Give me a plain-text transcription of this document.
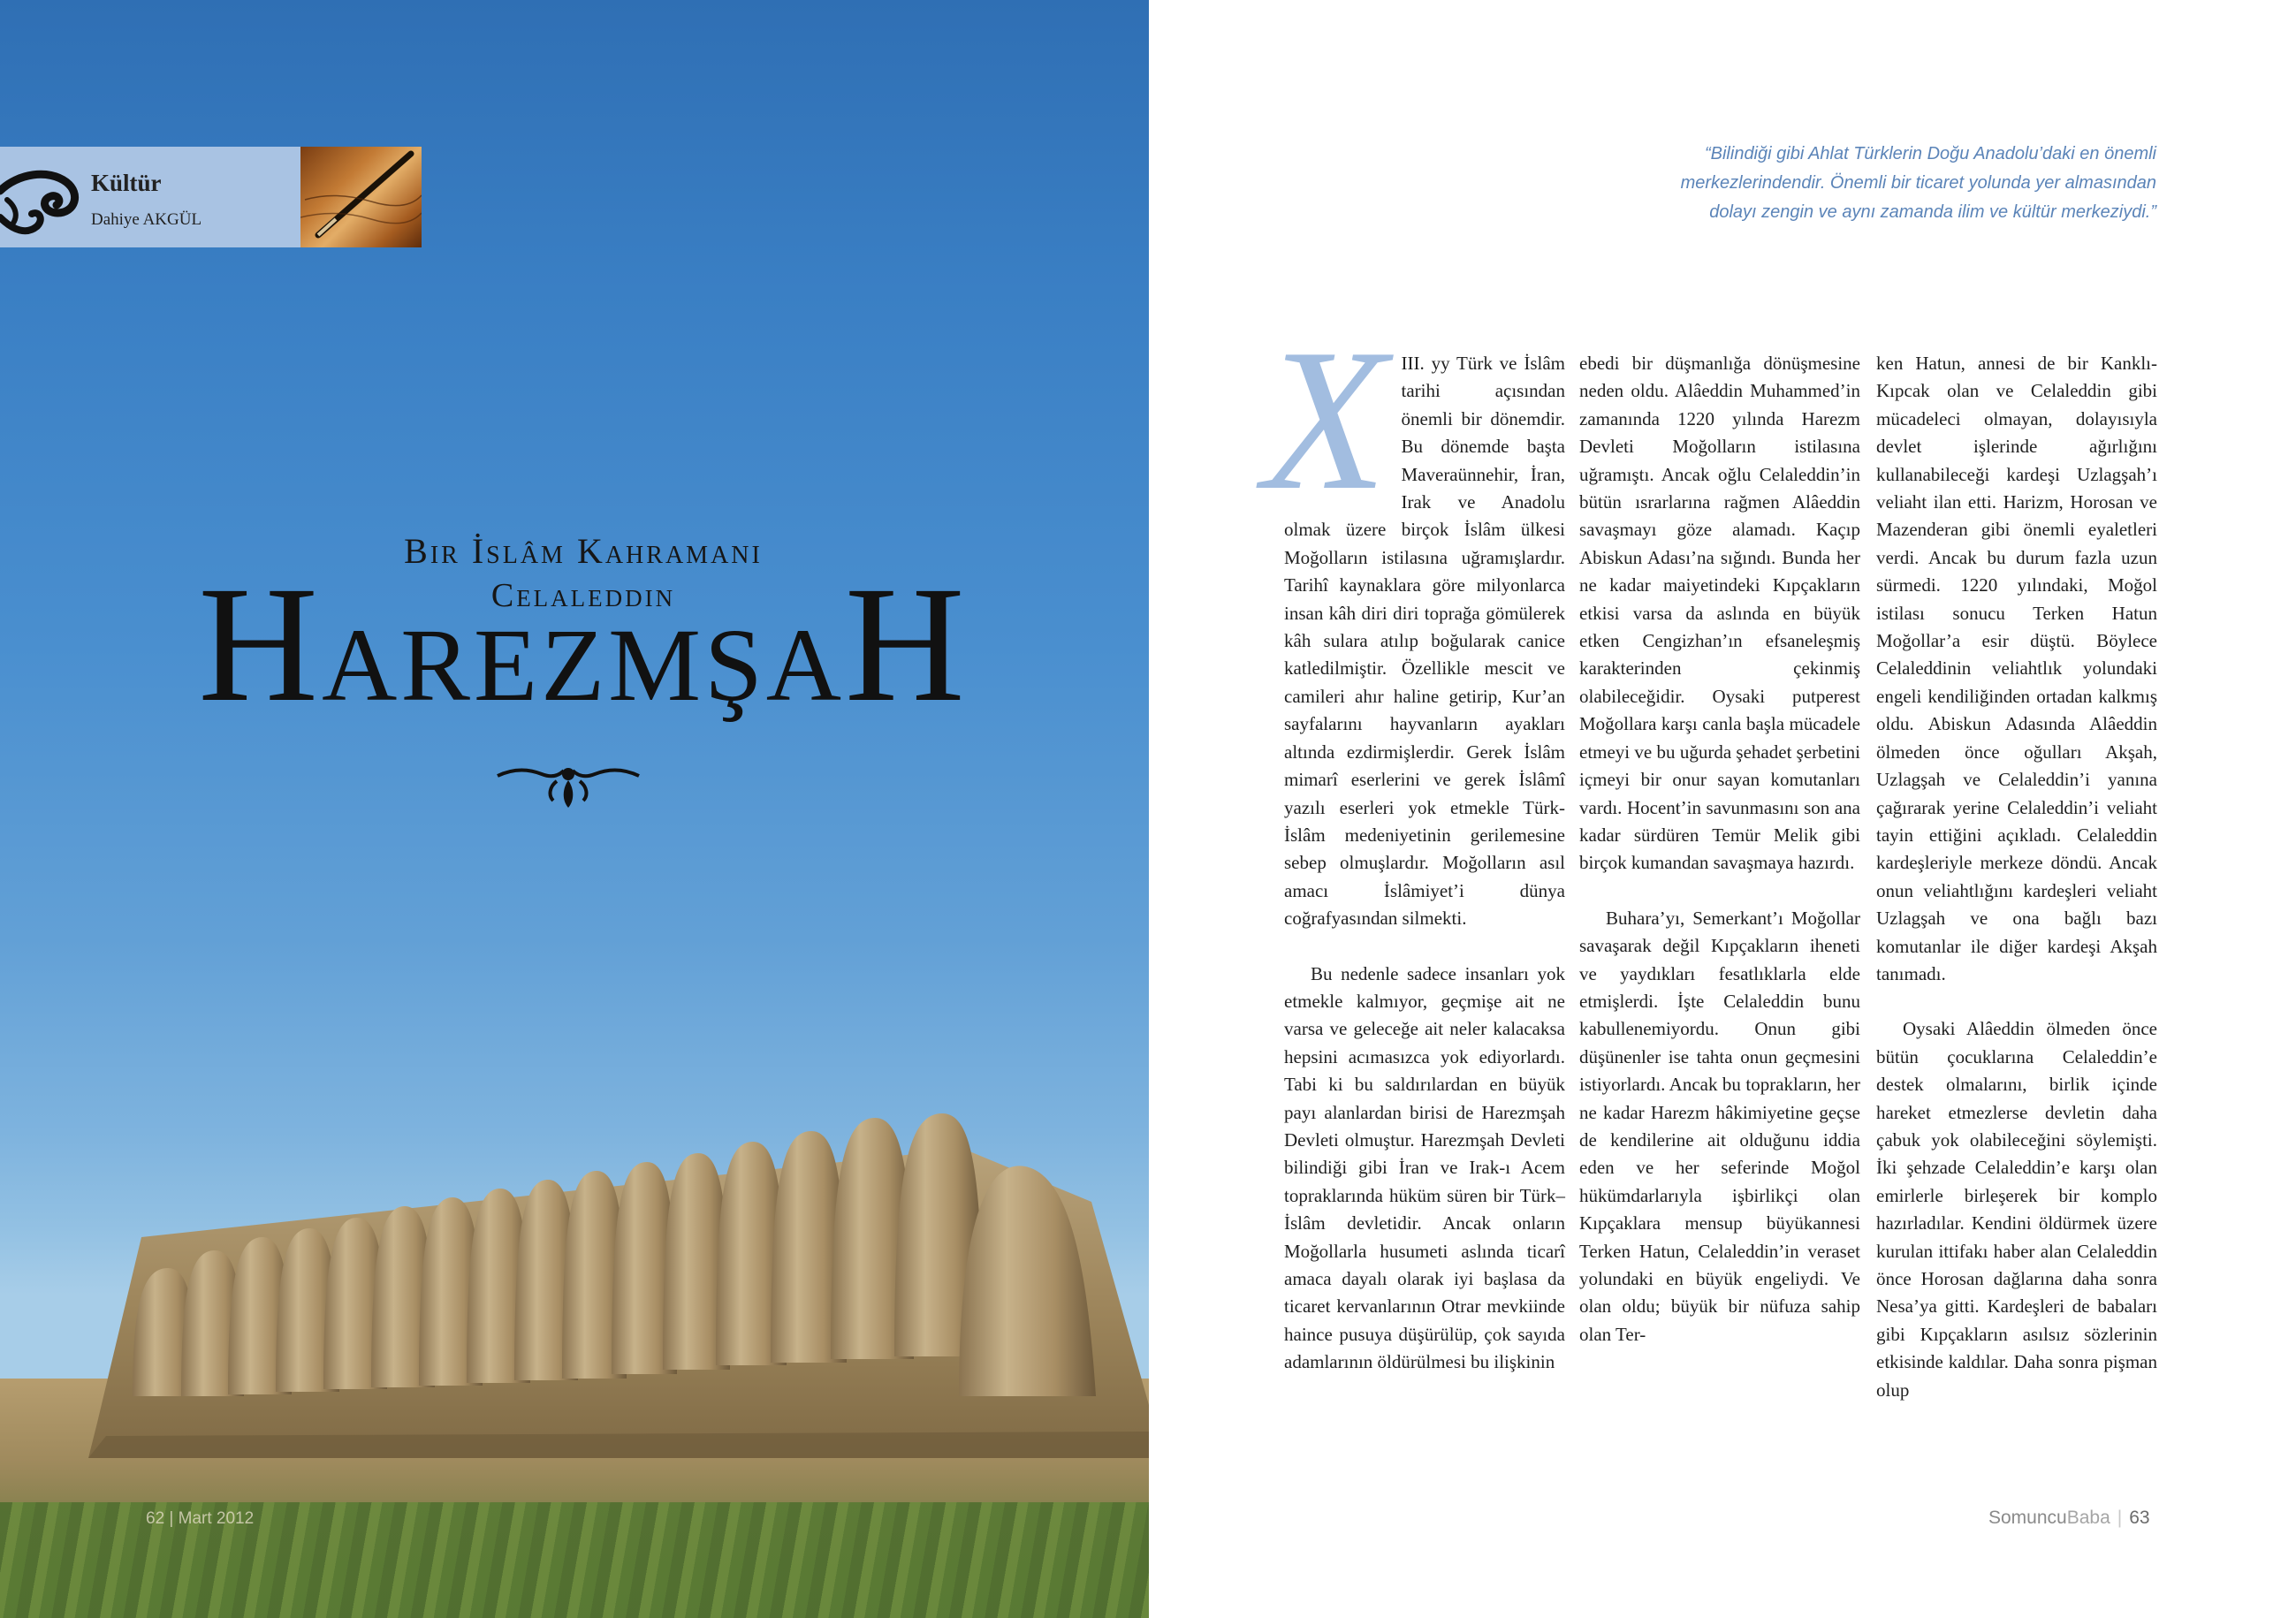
Kültür
Dahiye AKGÜL
Bir İslâm Kahramanı
Celaleddin
HAREZMŞAH
62 | Mart 2012
“Bilindiği gibi Ahlat Türklerin Doğu Anadolu’daki en önemli merkezlerindendir. Önemli bir ticaret yolunda yer almasından dolayı zengin ve aynı zamanda ilim ve kültür merkeziydi.”
X III. yy Türk ve İslâm tarihi açısından önemli bir dönemdir. Bu dönemde başta Maveraünnehir, İran, Irak ve Anadolu olmak üzere birçok İslâm ülkesi Moğolların istilasına uğramışlardır. Tarihî kaynaklara göre milyonlarca insan kâh diri diri toprağa gömülerek kâh sulara atılıp boğularak canice katledilmiştir. Özellikle mescit ve camileri ahır haline getirip, Kur’an sayfalarını hayvanların ayakları altında ezdirmişlerdir. Gerek İslâm mimarî eserlerini ve gerek İslâmî yazılı eserleri yok etmekle Türk-İslâm medeniyetinin gerilemesine sebep olmuşlardır. Moğolların asıl amacı İslâmiyet’i dünya coğrafyasından silmekti.

Bu nedenle sadece insanları yok etmekle kalmıyor, geçmişe ait ne varsa ve geleceğe ait neler kalacaksa hepsini acımasızca yok ediyorlardı. Tabi ki bu saldırılardan en büyük payı alanlardan birisi de Harezmşah Devleti olmuştur. Harezmşah Devleti bilindiği gibi İran ve Irak-ı Acem topraklarında hüküm süren bir Türk–İslâm devletidir. Ancak onların Moğollarla husumeti aslında ticarî amaca dayalı olarak iyi başlasa da ticaret kervanlarının Otrar mevkiinde haince pusuya düşürülüp, çok sayıda adamlarının öldürülmesi bu ilişkinin

ebedi bir düşmanlığa dönüşmesine neden oldu. Alâeddin Muhammed’in zamanında 1220 yılında Harezm Devleti Moğolların istilasına uğramıştı. Ancak oğlu Celaleddin’in bütün ısrarlarına rağmen Alâeddin savaşmayı göze alamadı. Kaçıp Abiskun Adası’na sığındı. Bunda her ne kadar maiyetindeki Kıpçakların etkisi varsa da aslında en büyük etken Cengizhan’ın efsaneleşmiş karakterinden çekinmiş olabileceğidir. Oysaki putperest Moğollara karşı canla başla mücadele etmeyi ve bu uğurda şehadet şerbetini içmeyi bir onur sayan komutanları vardı. Hocent’in savunmasını son ana kadar sürdüren Temür Melik gibi birçok kumandan savaşmaya hazırdı.

Buhara’yı, Semerkant’ı Moğollar savaşarak değil Kıpçakların iheneti ve yaydıkları fesatlıklarla elde etmişlerdi. İşte Celaleddin bunu kabullenemiyordu. Onun gibi düşünenler ise tahta onun geçmesini istiyorlardı. Ancak bu toprakların, her ne kadar Harezm hâkimiyetine geçse de kendilerine ait olduğunu iddia eden ve her seferinde Moğol hükümdarlarıyla işbirlikçi olan Kıpçaklara mensup büyükannesi Terken Hatun, Celaleddin’in veraset yolundaki en büyük engeliydi. Ve olan oldu; büyük bir nüfuza sahip olan Ter-

ken Hatun, annesi de bir Kanklı-Kıpcak olan ve Celaleddin gibi mücadeleci olmayan, dolayısıyla devlet işlerinde ağırlığını kullanabileceği kardeşi Uzlagşah’ı veliaht ilan etti. Harizm, Horosan ve Mazenderan gibi önemli eyaletleri verdi. Ancak bu durum fazla uzun sürmedi. 1220 yılındaki, Moğol istilası sonucu Terken Hatun Moğollar’a esir düştü. Böylece Celaleddinin veliahtlık yolundaki engeli kendiliğinden ortadan kalkmış oldu. Abiskun Adasında Alâeddin ölmeden önce oğulları Akşah, Uzlagşah ve Celaleddin’i yanına çağırarak yerine Celaleddin’i veliaht tayin ettiğini açıkladı. Celaleddin kardeşleriyle merkeze döndü. Ancak onun veliahtlığını kardeşleri veliaht Uzlagşah ve ona bağlı bazı komutanlar ile diğer kardeşi Akşah tanımadı.

Oysaki Alâeddin ölmeden önce bütün çocuklarına Celaleddin’e destek olmalarını, birlik içinde hareket etmezlerse devletin daha çabuk yok olabileceğini söylemişti. İki şehzade Celaleddin’e karşı olan emirlerle birleşerek bir komplo hazırladılar. Kendini öldürmek üzere kurulan ittifakı haber alan Celaleddin önce Horosan dağlarına daha sonra Nesa’ya gitti. Kardeşleri de babaları gibi Kıpçakların asılsız sözlerinin etkisinde kaldılar. Daha sonra pişman olup

SomuncuBaba | 63
